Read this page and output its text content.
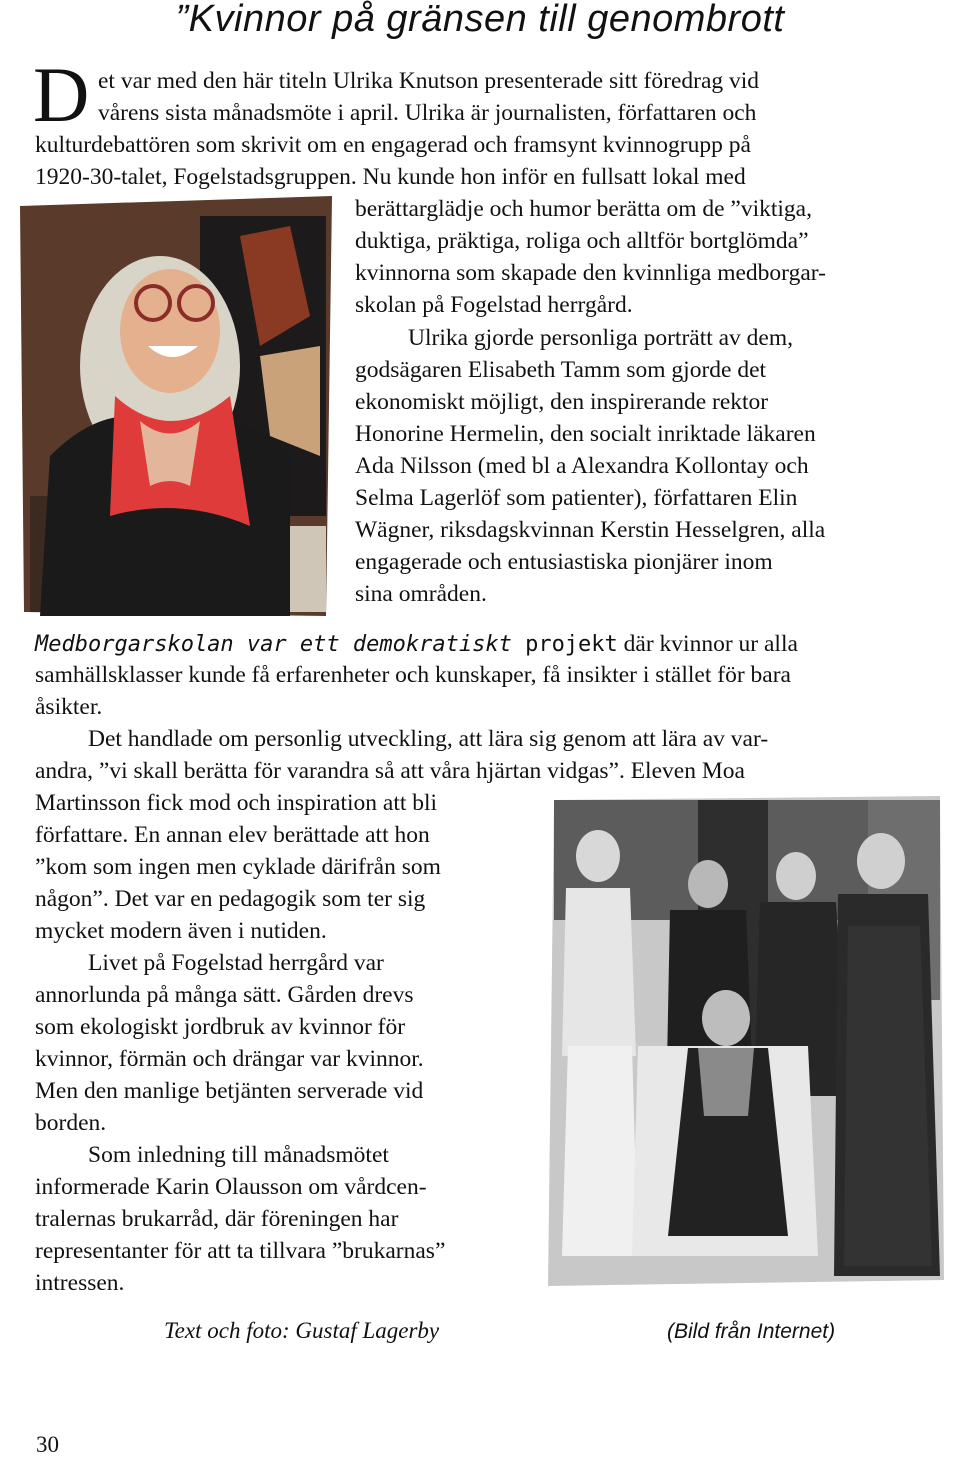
”Kvinnor på gränsen till genombrott
D et var med den här titeln Ulrika Knutson presenterade sitt föredrag vid
vårens sista månadsmöte i april. Ulrika är journalisten, författaren och
kulturdebattören som skrivit om en engagerad och framsynt kvinnogrupp på
1920-30-talet, Fogelstadsgruppen. Nu kunde hon inför en fullsatt lokal med
berättarglädje och humor berätta om de ”viktiga,
duktiga, präktiga, roliga och alltför bortglömda”
kvinnorna som skapade den kvinnliga medborgar-
skolan på Fogelstad herrgård.
Ulrika gjorde personliga porträtt av dem,
godsägaren Elisabeth Tamm som gjorde det
ekonomiskt möjligt, den inspirerande rektor
Honorine Hermelin, den socialt inriktade läkaren
Ada Nilsson (med bl a Alexandra Kollontay och
Selma Lagerlöf som patienter), författaren Elin
Wägner, riksdagskvinnan Kerstin Hesselgren, alla
engagerade och entusiastiska pionjärer inom
sina områden.
Medborgarskolan var ett demokratiskt projekt där kvinnor ur alla
samhällsklasser kunde få erfarenheter och kunskaper, få insikter i stället för bara
åsikter.
Det handlade om personlig utveckling, att lära sig genom att lära av var-
andra, ”vi skall berätta för varandra så att våra hjärtan vidgas”. Eleven Moa
Martinsson fick mod och inspiration att bli
författare. En annan elev berättade att hon
”kom som ingen men cyklade därifrån som
någon”. Det var en pedagogik som ter sig
mycket modern även i nutiden.
Livet på Fogelstad herrgård var
annorlunda på många sätt. Gården drevs
som ekologiskt jordbruk av kvinnor för
kvinnor, förmän och drängar var kvinnor.
Men den manlige betjänten serverade vid
borden.
Som inledning till månadsmötet
informerade Karin Olausson om vårdcen-
tralernas brukarråd, där föreningen har
representanter för att ta tillvara ”brukarnas”
intressen.
Text och foto: Gustaf Lagerby	(Bild från Internet)
30
